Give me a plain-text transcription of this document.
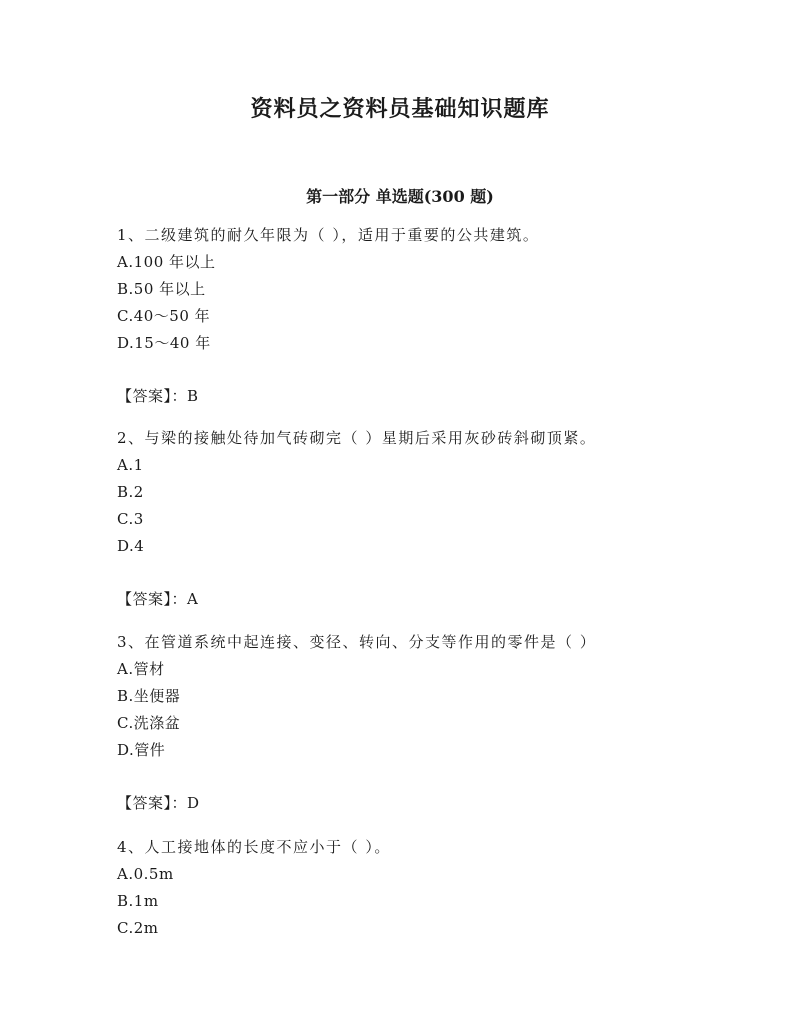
资料员之资料员基础知识题库
第一部分 单选题(300 题)
1、二级建筑的耐久年限为（ ），适用于重要的公共建筑。
A.100 年以上
B.50 年以上
C.40～50 年
D.15～40 年
【答案】：B
2、与梁的接触处待加气砖砌完（ ）星期后采用灰砂砖斜砌顶紧。
A.1
B.2
C.3
D.4
【答案】：A
3、在管道系统中起连接、变径、转向、分支等作用的零件是（ ）
A.管材
B.坐便器
C.洗涤盆
D.管件
【答案】：D
4、人工接地体的长度不应小于（ ）。
A.0.5m
B.1m
C.2m
